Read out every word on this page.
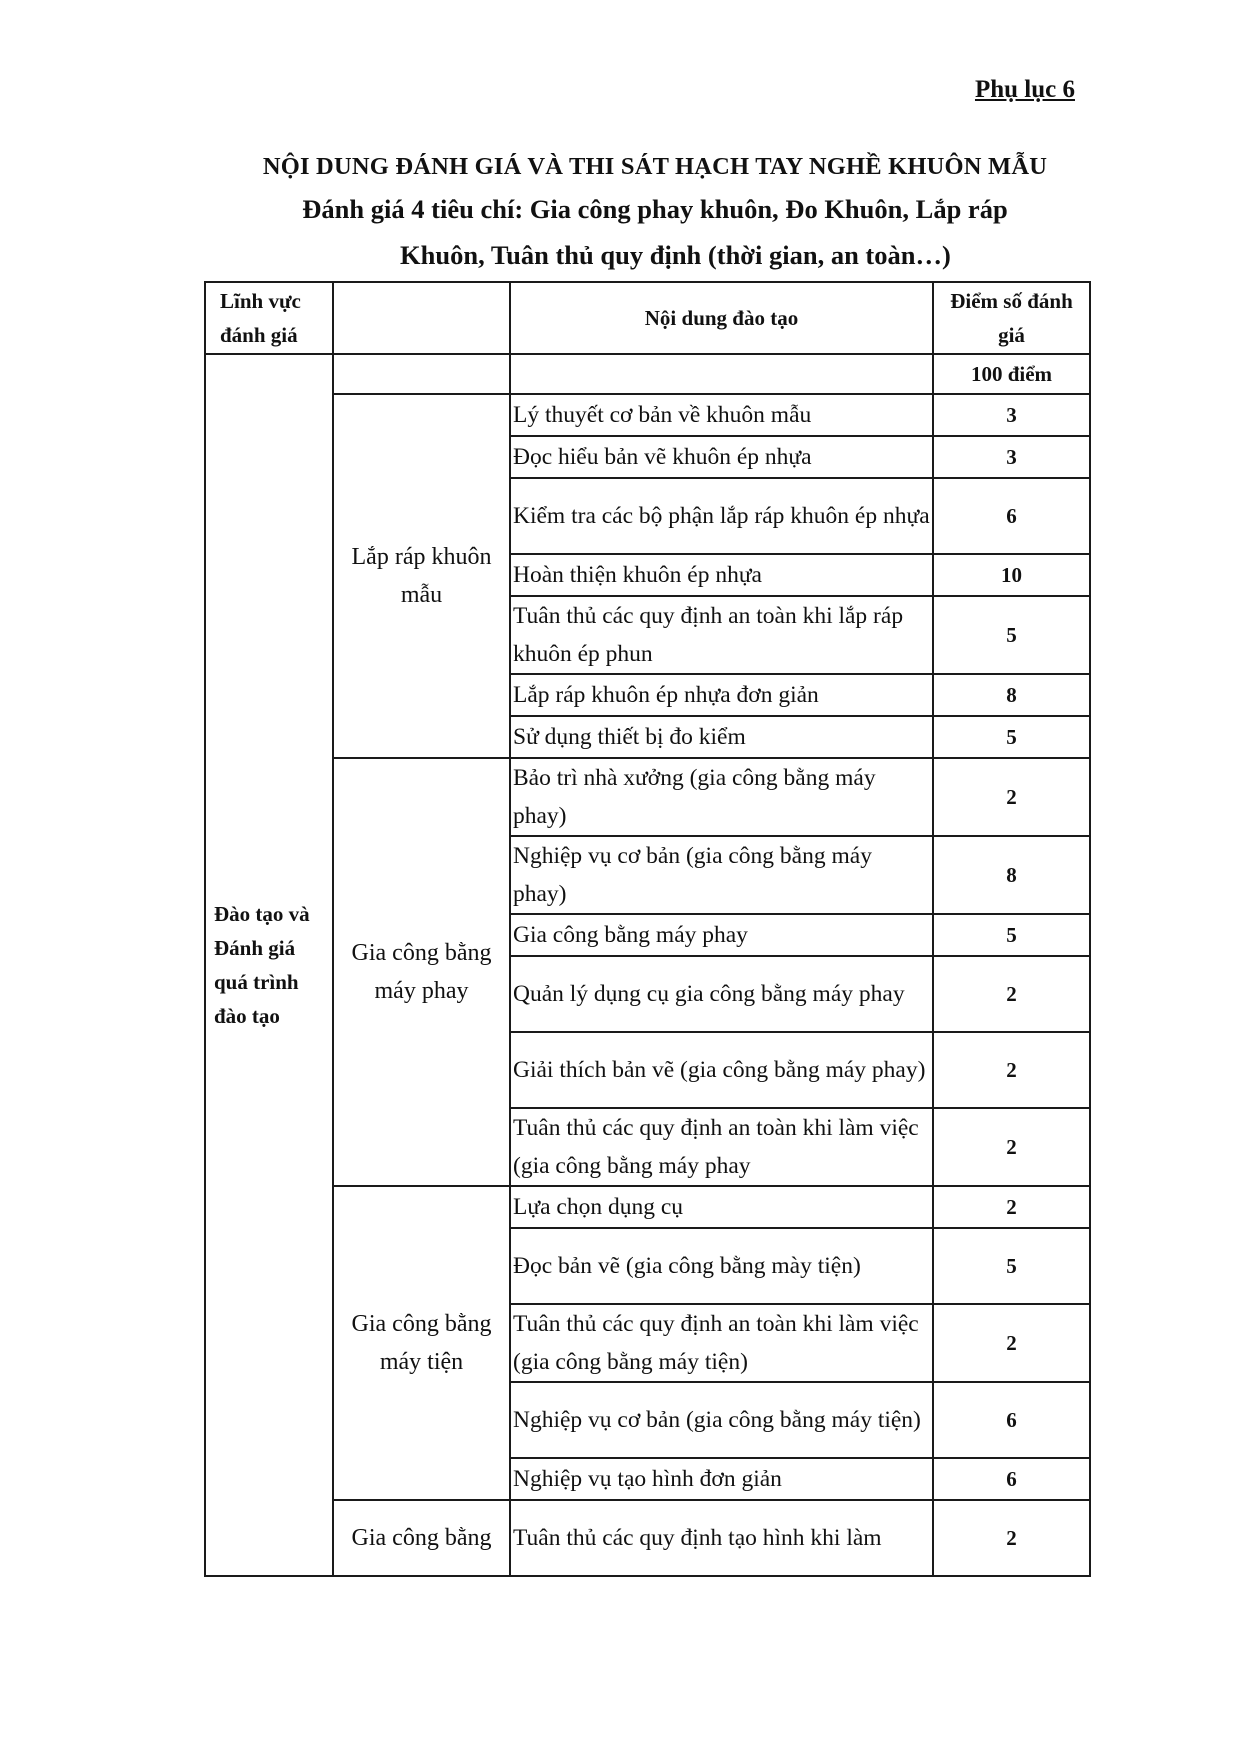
Phụ lục 6
NỘI DUNG ĐÁNH GIÁ VÀ THI SÁT HẠCH TAY NGHỀ KHUÔN MẪU
Đánh giá 4 tiêu chí: Gia công phay khuôn, Đo Khuôn, Lắp ráp
Khuôn, Tuân thủ quy định (thời gian, an toàn…)
Lĩnh vực đánh giá		Nội dung đào tạo	Điểm số đánh giá
Đào tạo và Đánh giá quá trình đào tạo			100 điểm
	Lắp ráp khuôn mẫu	Lý thuyết cơ bản về khuôn mẫu	3
		Đọc hiểu bản vẽ khuôn ép nhựa	3
		Kiểm tra các bộ phận lắp ráp khuôn ép nhựa	6
		Hoàn thiện khuôn ép nhựa	10
		Tuân thủ các quy định an toàn khi lắp ráp khuôn ép phun	5
		Lắp ráp khuôn ép nhựa đơn giản	8
		Sử dụng thiết bị đo kiểm	5
	Gia công bằng máy phay	Bảo trì nhà xưởng (gia công bằng máy phay)	2
		Nghiệp vụ cơ bản (gia công bằng máy phay)	8
		Gia công bằng máy phay	5
		Quản lý dụng cụ gia công bằng máy phay	2
		Giải thích bản vẽ (gia công bằng máy phay)	2
		Tuân thủ các quy định an toàn khi làm việc (gia công bằng máy phay	2
	Gia công bằng máy tiện	Lựa chọn dụng cụ	2
		Đọc bản vẽ (gia công bằng mày tiện)	5
		Tuân thủ các quy định an toàn khi làm việc (gia công bằng máy tiện)	2
		Nghiệp vụ cơ bản (gia công bằng máy tiện)	6
		Nghiệp vụ tạo hình đơn giản	6
	Gia công bằng	Tuân thủ các quy định tạo hình khi làm	2
